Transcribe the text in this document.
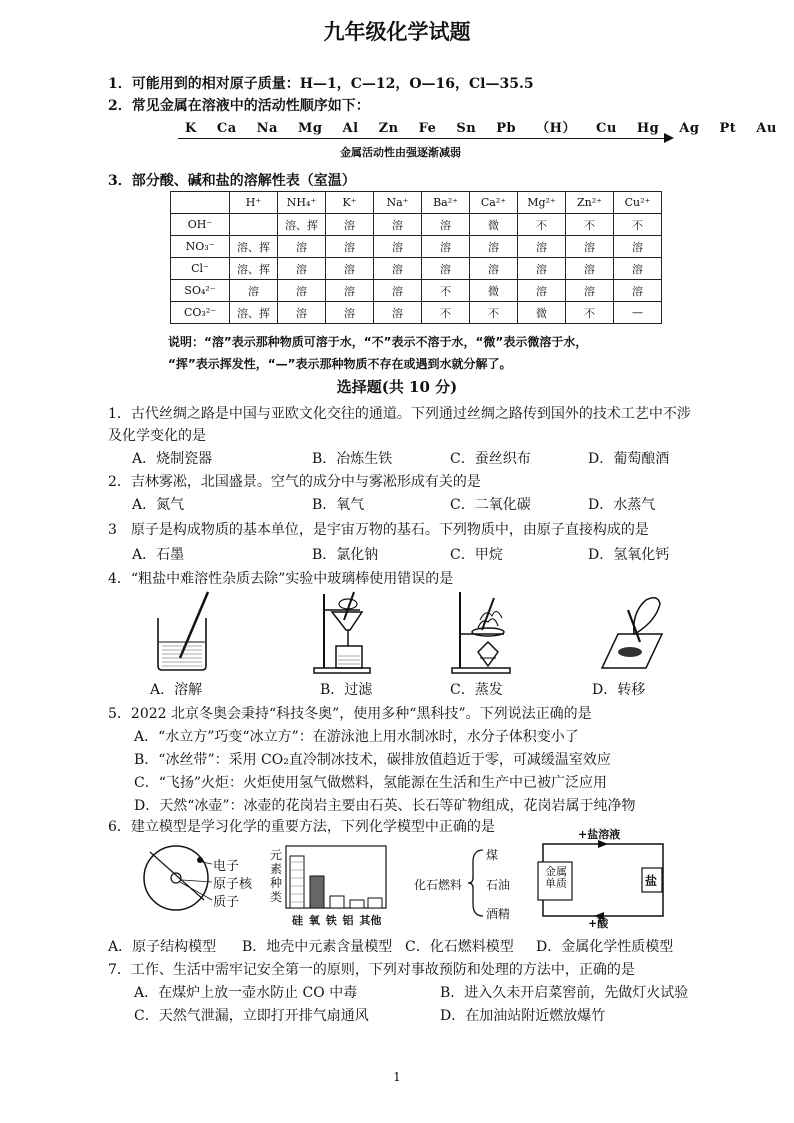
九年级化学试题
1．可能用到的相对原子质量：H—1，C—12，O—16，Cl—35.5
2．常见金属在溶液中的活动性顺序如下：
K Ca Na Mg Al Zn Fe Sn Pb （H） Cu Hg Ag Pt Au
金属活动性由强逐渐减弱
3．部分酸、碱和盐的溶解性表（室温）
	H⁺	NH₄⁺	K⁺	Na⁺	Ba²⁺	Ca²⁺	Mg²⁺	Zn²⁺	Cu²⁺
OH⁻		溶、挥	溶	溶	溶	微	不	不	不
NO₃⁻	溶、挥	溶	溶	溶	溶	溶	溶	溶	溶
Cl⁻	溶、挥	溶	溶	溶	溶	溶	溶	溶	溶
SO₄²⁻	溶	溶	溶	溶	不	微	溶	溶	溶
CO₃²⁻	溶、挥	溶	溶	溶	不	不	微	不	—
说明：“溶”表示那种物质可溶于水，“不”表示不溶于水，“微”表示微溶于水，
“挥”表示挥发性，“—”表示那种物质不存在或遇到水就分解了。
选择题(共 10 分)
1．古代丝绸之路是中国与亚欧文化交往的通道。下列通过丝绸之路传到国外的技术工艺中不涉
及化学变化的是
A．烧制瓷器	B．冶炼生铁	C．蚕丝织布	D．葡萄酿酒
2．吉林雾凇，北国盛景。空气的成分中与雾凇形成有关的是
A．氮气	B．氧气	C．二氧化碳	D．水蒸气
3　原子是构成物质的基本单位，是宇宙万物的基石。下列物质中，由原子直接构成的是
A．石墨	B．氯化钠	C．甲烷	D．氢氧化钙
4．“粗盐中难溶性杂质去除”实验中玻璃棒使用错误的是
A．溶解	B．过滤	C．蒸发	D．转移
5．2022 北京冬奥会秉持“科技冬奥”，使用多种“黑科技”。下列说法正确的是
A．“水立方”巧变“冰立方”：在游泳池上用水制冰时，水分子体积变小了
B．“冰丝带”：采用 CO₂直冷制冰技术，碳排放值趋近于零，可减缓温室效应
C．“飞扬”火炬：火炬使用氢气做燃料，氢能源在生活和生产中已被广泛应用
D．天然“冰壶”：冰壶的花岗岩主要由石英、长石等矿物组成，花岗岩属于纯净物
6．建立模型是学习化学的重要方法，下列化学模型中正确的是
电子
原子核
质子
元素种类
硅 氧 铁 铝 其他
化石燃料
煤
石油
酒精
+盐溶液
金属
单质	盐
+酸
A．原子结构模型 B．地壳中元素含量模型 C．化石燃料模型 D．金属化学性质模型
7．工作、生活中需牢记安全第一的原则，下列对事故预防和处理的方法中，正确的是
A．在煤炉上放一壶水防止 CO 中毒	B．进入久未开启菜窖前，先做灯火试验
C．天然气泄漏，立即打开排气扇通风	D．在加油站附近燃放爆竹
1
